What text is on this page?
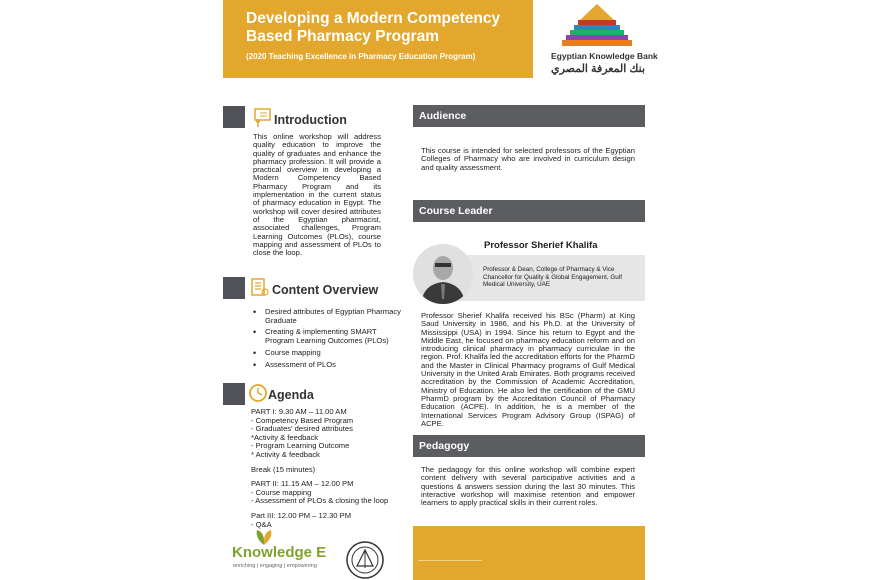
Developing a Modern Competency Based Pharmacy Program
(2020 Teaching Excellence in Pharmacy Education Program)	Egyptian Knowledge Bank
بنك المعرفة المصري
Introduction
This online workshop will address quality education to improve the quality of graduates and enhance the pharmacy profession. It will provide a practical overview in developing a Modern Competency Based Pharmacy Program and its implementation in the current status of pharmacy education in Egypt. The workshop will cover desired attributes of the Egyptian pharmacist, associated challenges, Program Learning Outcomes (PLOs), course mapping and assessment of PLOs to close the loop.
Content Overview
• Desired attributes of Egyptian Pharmacy Graduate
• Creating & implementing SMART Program Learning Outcomes (PLOs)
• Course mapping
• Assessment of PLOs
Agenda
PART I: 9.30 AM – 11.00 AM
- Competency Based Program
- Graduates' desired attributes
*Activity & feedback
- Program Learning Outcome
* Activity & feedback
Break (15 minutes)
PART II: 11.15 AM – 12.00 PM
- Course mapping
- Assessment of PLOs & closing the loop
Part III: 12.00 PM – 12.30 PM
- Q&A
Audience
This course is intended for selected professors of the Egyptian Colleges of Pharmacy who are involved in curriculum design and quality assessment.
Course Leader
Professor Sherief Khalifa
Professor & Dean, College of Pharmacy & Vice Chancellor for Quality & Global Engagement, Gulf Medical University, UAE
Professor Sherief Khalifa received his BSc (Pharm) at King Saud University in 1986, and his Ph.D. at the University of Mississippi (USA) in 1994. Since his return to Egypt and the Middle East, he focused on pharmacy education reform and on introducing clinical pharmacy in pharmacy curriculae in the region. Prof. Khalifa led the accreditation efforts for the PharmD and the Master in Clinical Pharmacy programs of Gulf Medical University in the United Arab Emirates. Both programs received accreditation by the Commission of Academic Accreditation, Ministry of Education. He also led the certification of the GMU PharmD program by the Accreditation Council of Pharmacy Education (ACPE). In addition, he is a member of the International Services Program Advisory Group (ISPAG) of ACPE.
Pedagogy
The pedagogy for this online workshop will combine expert content delivery with several participative activities and a questions & answers session during the last 30 minutes. This interactive workshop will maximise retention and empower learners to apply practical skills in their current roles.
Knowledge E
enriching | engaging | empowering
